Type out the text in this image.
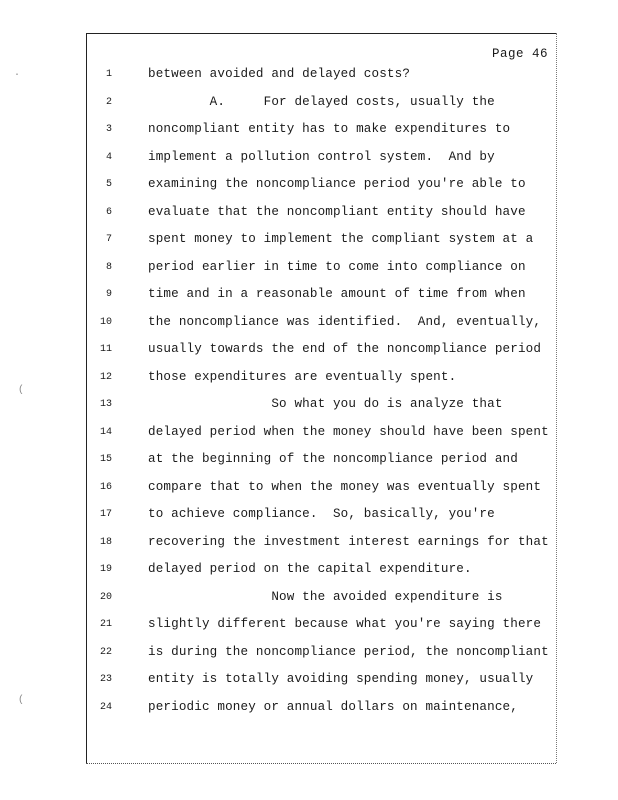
Page 46
1	between avoided and delayed costs?
2	A.     For delayed costs, usually the
3	noncompliant entity has to make expenditures to
4	implement a pollution control system.  And by
5	examining the noncompliance period you're able to
6	evaluate that the noncompliant entity should have
7	spent money to implement the compliant system at a
8	period earlier in time to come into compliance on
9	time and in a reasonable amount of time from when
10	the noncompliance was identified.  And, eventually,
11	usually towards the end of the noncompliance period
12	those expenditures are eventually spent.
13	So what you do is analyze that
14	delayed period when the money should have been spent
15	at the beginning of the noncompliance period and
16	compare that to when the money was eventually spent
17	to achieve compliance.  So, basically, you're
18	recovering the investment interest earnings for that
19	delayed period on the capital expenditure.
20	Now the avoided expenditure is
21	slightly different because what you're saying there
22	is during the noncompliance period, the noncompliant
23	entity is totally avoiding spending money, usually
24	periodic money or annual dollars on maintenance,
·
(
(
